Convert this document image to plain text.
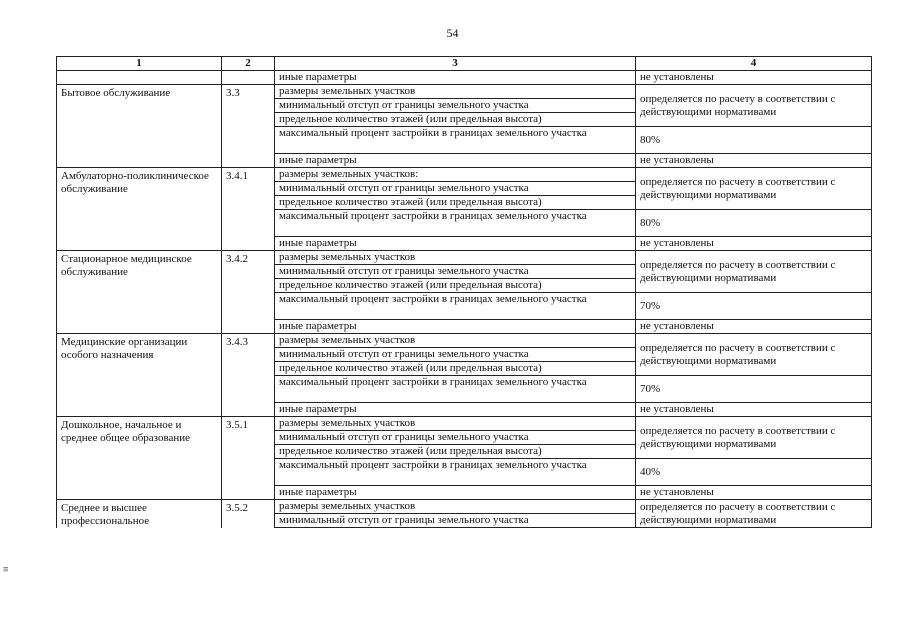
54
≡
1	2	3	4
		иные параметры	не установлены
Бытовое обслуживание	3.3	размеры земельных участков	определяется по расчету в соответствии с действующими нормативами
		минимальный отступ от границы земельного участка	
		предельное количество этажей (или предельная высота)	
		максимальный процент застройки в границах земельного участка	80%
		иные параметры	не установлены
Амбулаторно-поликлиническое обслуживание	3.4.1	размеры земельных участков:	определяется по расчету в соответствии с действующими нормативами
		минимальный отступ от границы земельного участка	
		предельное количество этажей (или предельная высота)	
		максимальный процент застройки в границах земельного участка	80%
		иные параметры	не установлены
Стационарное медицинское обслуживание	3.4.2	размеры земельных участков	определяется по расчету в соответствии с действующими нормативами
		минимальный отступ от границы земельного участка	
		предельное количество этажей (или предельная высота)	
		максимальный процент застройки в границах земельного участка	70%
		иные параметры	не установлены
Медицинские организации особого назначения	3.4.3	размеры земельных участков	определяется по расчету в соответствии с действующими нормативами
		минимальный отступ от границы земельного участка	
		предельное количество этажей (или предельная высота)	
		максимальный процент застройки в границах земельного участка	70%
		иные параметры	не установлены
Дошкольное, начальное и среднее общее образование	3.5.1	размеры земельных участков	определяется по расчету в соответствии с действующими нормативами
		минимальный отступ от границы земельного участка	
		предельное количество этажей (или предельная высота)	
		максимальный процент застройки в границах земельного участка	40%
		иные параметры	не установлены
Среднее и высшее профессиональное	3.5.2	размеры земельных участков	определяется по расчету в соответствии с действующими нормативами
		минимальный отступ от границы земельного участка	
